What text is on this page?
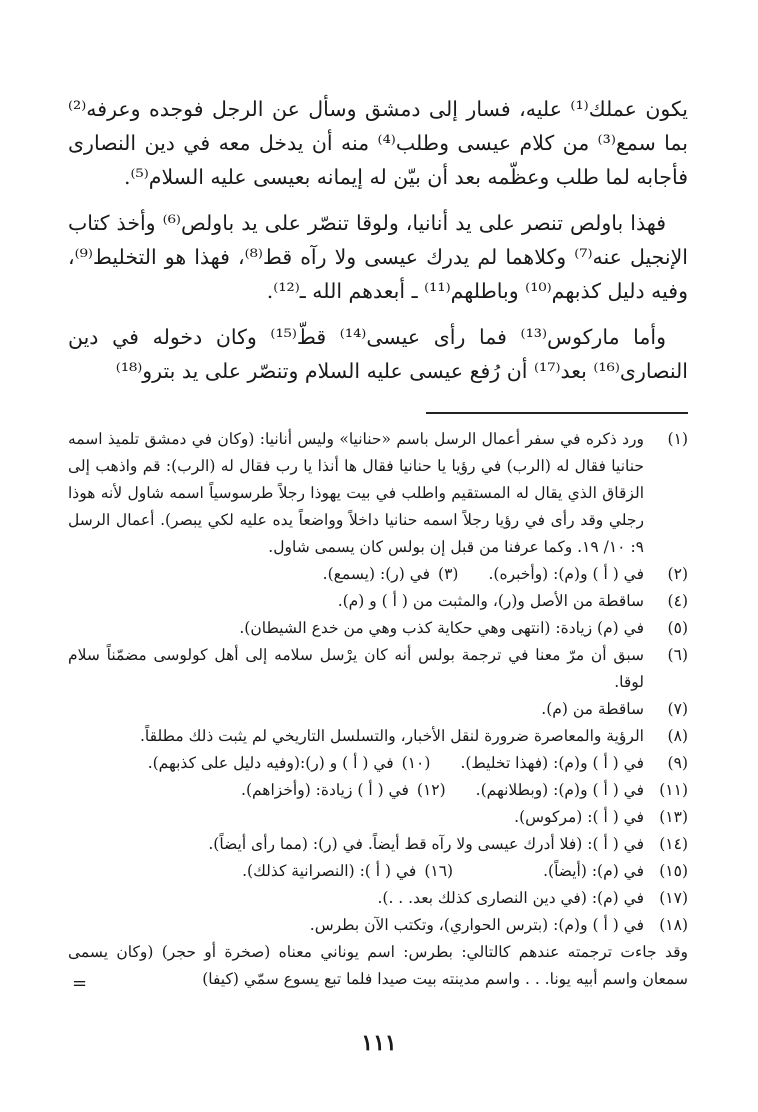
يكون عملك⁽¹⁾ عليه، فسار إلى دمشق وسأل عن الرجل فوجده وعرفه⁽²⁾ بما سمع⁽³⁾ من كلام عيسى وطلب⁽⁴⁾ منه أن يدخل معه في دين النصارى فأجابه لما طلب وعظّمه بعد أن بيّن له إيمانه بعيسى عليه السلام⁽⁵⁾.

فهذا باولص تنصر على يد أنانيا، ولوقا تنصّر على يد باولص⁽⁶⁾ وأخذ كتاب الإنجيل عنه⁽⁷⁾ وكلاهما لم يدرك عيسى ولا رآه قط⁽⁸⁾، فهذا هو التخليط⁽⁹⁾، وفيه دليل كذبهم⁽¹⁰⁾ وباطلهم⁽¹¹⁾ ـ أبعدهم الله ـ⁽¹²⁾.

وأما ماركوس⁽¹³⁾ فما رأى عيسى⁽¹⁴⁾ قطّ⁽¹⁵⁾ وكان دخوله في دين النصارى⁽¹⁶⁾ بعد⁽¹⁷⁾ أن رُفع عيسى عليه السلام وتنصّر على يد بترو⁽¹⁸⁾

(١)
ورد ذكره في سفر أعمال الرسل باسم «حنانيا» وليس أنانيا: (وكان في دمشق تلميذ اسمه حنانيا فقال له (الرب) في رؤيا يا حنانيا فقال ها أنذا يا رب فقال له (الرب): قم واذهب إلى الزقاق الذي يقال له المستقيم واطلب في بيت يهوذا رجلاً طرسوسياً اسمه شاول لأنه هوذا رجلي وقد رأى في رؤيا رجلاً اسمه حنانيا داخلاً وواضعاً يده عليه لكي يبصر). أعمال الرسل ٩: ١٠/ ١٩. وكما عرفنا من قبل إن بولس كان يسمى شاول.
(٢)
في ( أ ) و(م): (وأخبره).
(٣)
في (ر): (يسمع).
(٤)
ساقطة من الأصل و(ر)، والمثبت من ( أ ) و (م).
(٥)
في (م) زيادة: (انتهى وهي حكاية كذب وهي من خدع الشيطان).
(٦)
سبق أن مرّ معنا في ترجمة بولس أنه كان يرْسل سلامه إلى أهل كولوسى مضمّناً سلام لوقا.
(٧)
ساقطة من (م).
(٨)
الرؤية والمعاصرة ضرورة لنقل الأخبار، والتسلسل التاريخي لم يثبت ذلك مطلقاً.
(٩)
في ( أ ) و(م): (فهذا تخليط).
(١٠)
في ( أ ) و (ر):(وفيه دليل على كذبهم).
(١١)
في ( أ ) و(م): (وبطلانهم).
(١٢)
في ( أ ) زيادة: (وأخزاهم).
(١٣)
في ( أ ): (مركوس).
(١٤)
في ( أ ): (فلا أدرك عيسى ولا رآه قط أيضاً. في (ر): (مما رأى أيضاً).
(١٥)
في (م): (أيضاً).
(١٦)
في ( أ ): (النصرانية كذلك).
(١٧)
في (م): (في دين النصارى كذلك بعد. . .).
(١٨)
في ( أ ) و(م): (بترس الحواري)، وتكتب الآن بطرس.
وقد جاءت ترجمته عندهم كالتالي: بطرس: اسم يوناني معناه (صخرة أو حجر) (وكان يسمى سمعان واسم أبيه يونا. . . واسم مدينته بيت صيدا فلما تبع يسوع سمّي (كيفا)
=
١١١
